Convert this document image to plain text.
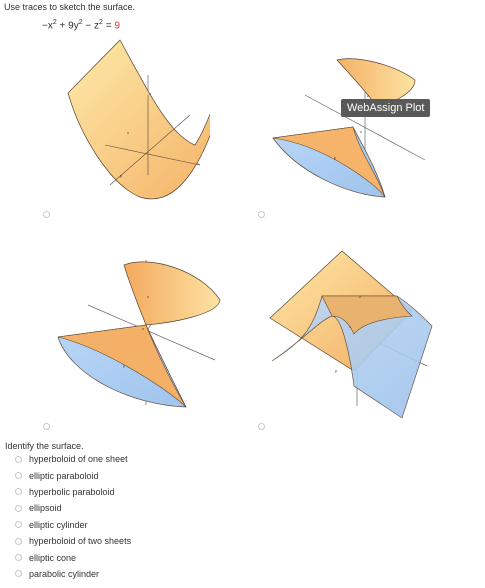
Use traces to sketch the surface.
$-x^2 + 9y^2 - z^2 = 9$
z
x
y
z
x
y
WebAssign Plot
z
x
y
z
x
y
Identify the surface.
hyperboloid of one sheet
elliptic paraboloid
hyperbolic paraboloid
ellipsoid
elliptic cylinder
hyperboloid of two sheets
elliptic cone
parabolic cylinder
